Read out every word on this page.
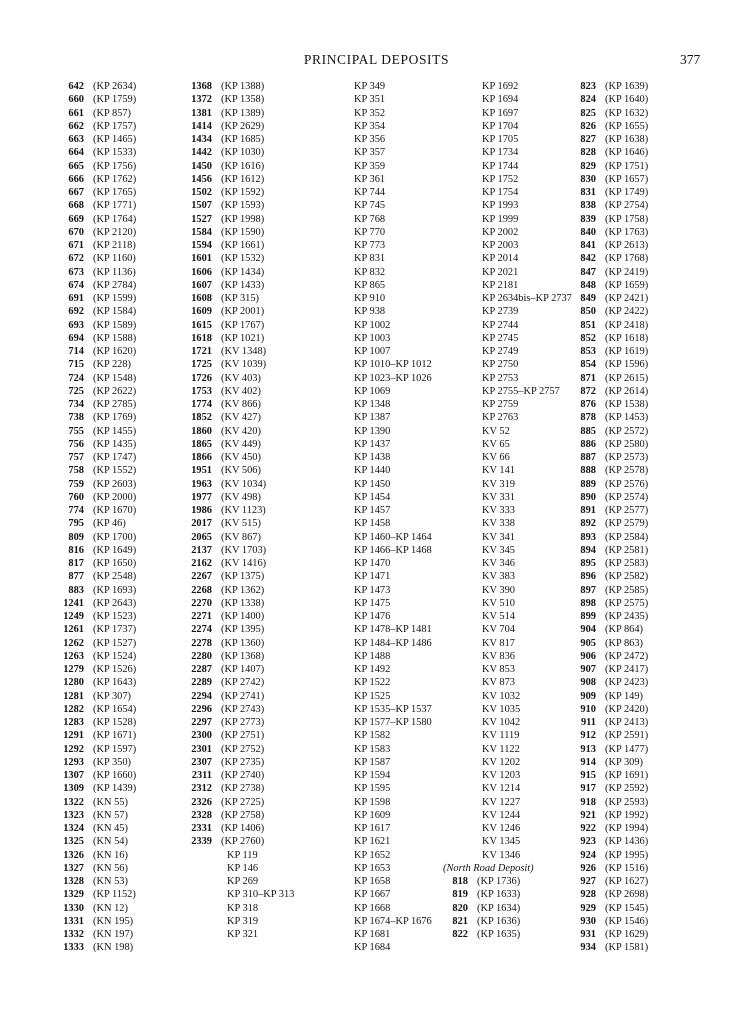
PRINCIPAL DEPOSITS	377
642 (KP 2634)
660 (KP 1759)
661 (KP 857)
662 (KP 1757)
663 (KP 1465)
664 (KP 1533)
665 (KP 1756)
666 (KP 1762)
667 (KP 1765)
668 (KP 1771)
669 (KP 1764)
670 (KP 2120)
671 (KP 2118)
672 (KP 1160)
673 (KP 1136)
674 (KP 2784)
691 (KP 1599)
692 (KP 1584)
693 (KP 1589)
694 (KP 1588)
714 (KP 1620)
715 (KP 228)
724 (KP 1548)
725 (KP 2622)
734 (KP 2785)
738 (KP 1769)
755 (KP 1455)
756 (KP 1435)
757 (KP 1747)
758 (KP 1552)
759 (KP 2603)
760 (KP 2000)
774 (KP 1670)
795 (KP 46)
809 (KP 1700)
816 (KP 1649)
817 (KP 1650)
877 (KP 2548)
883 (KP 1693)
1241 (KP 2643)
1249 (KP 1523)
1261 (KP 1737)
1262 (KP 1527)
1263 (KP 1524)
1279 (KP 1526)
1280 (KP 1643)
1281 (KP 307)
1282 (KP 1654)
1283 (KP 1528)
1291 (KP 1671)
1292 (KP 1597)
1293 (KP 350)
1307 (KP 1660)
1309 (KP 1439)
1322 (KN 55)
1323 (KN 57)
1324 (KN 45)
1325 (KN 54)
1326 (KN 16)
1327 (KN 56)
1328 (KN 53)
1329 (KP 1152)
1330 (KN 12)
1331 (KN 195)
1332 (KN 197)
1333 (KN 198)
1368 (KP 1388)
1372 (KP 1358)
1381 (KP 1389)
1414 (KP 2629)
1434 (KP 1685)
1442 (KP 1030)
1450 (KP 1616)
1456 (KP 1612)
1502 (KP 1592)
1507 (KP 1593)
1527 (KP 1998)
1584 (KP 1590)
1594 (KP 1661)
1601 (KP 1532)
1606 (KP 1434)
1607 (KP 1433)
1608 (KP 315)
1609 (KP 2001)
1615 (KP 1767)
1618 (KP 1021)
1721 (KV 1348)
1725 (KV 1039)
1726 (KV 403)
1753 (KV 402)
1774 (KV 866)
1852 (KV 427)
1860 (KV 420)
1865 (KV 449)
1866 (KV 450)
1951 (KV 506)
1963 (KV 1034)
1977 (KV 498)
1986 (KV 1123)
2017 (KV 515)
2065 (KV 867)
2137 (KV 1703)
2162 (KV 1416)
2267 (KP 1375)
2268 (KP 1362)
2270 (KP 1338)
2271 (KP 1400)
2274 (KP 1395)
2278 (KP 1360)
2280 (KP 1368)
2287 (KP 1407)
2289 (KP 2742)
2294 (KP 2741)
2296 (KP 2743)
2297 (KP 2773)
2300 (KP 2751)
2301 (KP 2752)
2307 (KP 2735)
2311 (KP 2740)
2312 (KP 2738)
2326 (KP 2725)
2328 (KP 2758)
2331 (KP 1406)
2339 (KP 2760)
KP 119
KP 146
KP 269
KP 310–KP 313
KP 318
KP 319
KP 321
KP 349
KP 351
KP 352
KP 354
KP 356
KP 357
KP 359
KP 361
KP 744
KP 745
KP 768
KP 770
KP 773
KP 831
KP 832
KP 865
KP 910
KP 938
KP 1002
KP 1003
KP 1007
KP 1010–KP 1012
KP 1023–KP 1026
KP 1069
KP 1348
KP 1387
KP 1390
KP 1437
KP 1438
KP 1440
KP 1450
KP 1454
KP 1457
KP 1458
KP 1460–KP 1464
KP 1466–KP 1468
KP 1470
KP 1471
KP 1473
KP 1475
KP 1476
KP 1478–KP 1481
KP 1484–KP 1486
KP 1488
KP 1492
KP 1522
KP 1525
KP 1535–KP 1537
KP 1577–KP 1580
KP 1582
KP 1583
KP 1587
KP 1594
KP 1595
KP 1598
KP 1609
KP 1617
KP 1621
KP 1652
KP 1653
KP 1658
KP 1667
KP 1668
KP 1674–KP 1676
KP 1681
KP 1684
KP 1692
KP 1694
KP 1697
KP 1704
KP 1705
KP 1734
KP 1744
KP 1752
KP 1754
KP 1993
KP 1999
KP 2002
KP 2003
KP 2014
KP 2021
KP 2181
KP 2634bis–KP 2737
KP 2739
KP 2744
KP 2745
KP 2749
KP 2750
KP 2753
KP 2755–KP 2757
KP 2759
KP 2763
KV 52
KV 65
KV 66
KV 141
KV 319
KV 331
KV 333
KV 338
KV 341
KV 345
KV 346
KV 383
KV 390
KV 510
KV 514
KV 704
KV 817
KV 836
KV 853
KV 873
KV 1032
KV 1035
KV 1042
KV 1119
KV 1122
KV 1202
KV 1203
KV 1214
KV 1227
KV 1244
KV 1246
KV 1345
KV 1346
(North Road Deposit)
818 (KP 1736)
819 (KP 1633)
820 (KP 1634)
821 (KP 1636)
822 (KP 1635)
823 (KP 1639)
824 (KP 1640)
825 (KP 1632)
826 (KP 1655)
827 (KP 1638)
828 (KP 1646)
829 (KP 1751)
830 (KP 1657)
831 (KP 1749)
838 (KP 2754)
839 (KP 1758)
840 (KP 1763)
841 (KP 2613)
842 (KP 1768)
847 (KP 2419)
848 (KP 1659)
849 (KP 2421)
850 (KP 2422)
851 (KP 2418)
852 (KP 1618)
853 (KP 1619)
854 (KP 1596)
871 (KP 2615)
872 (KP 2614)
876 (KP 1538)
878 (KP 1453)
885 (KP 2572)
886 (KP 2580)
887 (KP 2573)
888 (KP 2578)
889 (KP 2576)
890 (KP 2574)
891 (KP 2577)
892 (KP 2579)
893 (KP 2584)
894 (KP 2581)
895 (KP 2583)
896 (KP 2582)
897 (KP 2585)
898 (KP 2575)
899 (KP 2435)
904 (KP 864)
905 (KP 863)
906 (KP 2472)
907 (KP 2417)
908 (KP 2423)
909 (KP 149)
910 (KP 2420)
911 (KP 2413)
912 (KP 2591)
913 (KP 1477)
914 (KP 309)
915 (KP 1691)
917 (KP 2592)
918 (KP 2593)
921 (KP 1992)
922 (KP 1994)
923 (KP 1436)
924 (KP 1995)
926 (KP 1516)
927 (KP 1627)
928 (KP 2698)
929 (KP 1545)
930 (KP 1546)
931 (KP 1629)
934 (KP 1581)
